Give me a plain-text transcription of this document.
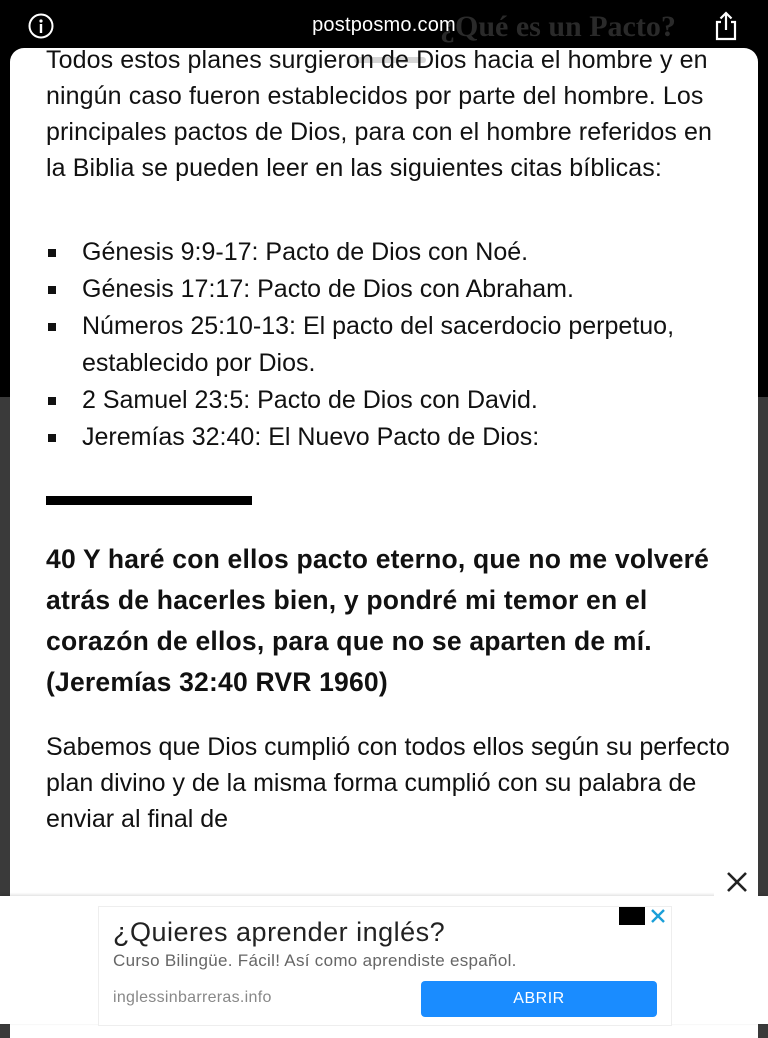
¿Qué es un Pacto?
postposmo.com

Todos estos planes surgieron de Dios hacia el hombre y en ningún caso fueron establecidos por parte del hombre. Los principales pactos de Dios, para con el hombre referidos en la Biblia se pueden leer en las siguientes citas bíblicas:

Génesis 9:9-17: Pacto de Dios con Noé.
Génesis 17:17: Pacto de Dios con Abraham.
Números 25:10-13: El pacto del sacerdocio perpetuo, establecido por Dios.
2 Samuel 23:5: Pacto de Dios con David.
Jeremías 32:40: El Nuevo Pacto de Dios:

40 Y haré con ellos pacto eterno, que no me volveré atrás de hacerles bien, y pondré mi temor en el corazón de ellos, para que no se aparten de mí. (Jeremías 32:40 RVR 1960)

Sabemos que Dios cumplió con todos ellos según su perfecto plan divino y de la misma forma cumplió con su palabra de enviar al final de

¿Quieres aprender inglés?
Curso Bilingüe. Fácil! Así como aprendiste español.
inglessinbarreras.info	ABRIR
